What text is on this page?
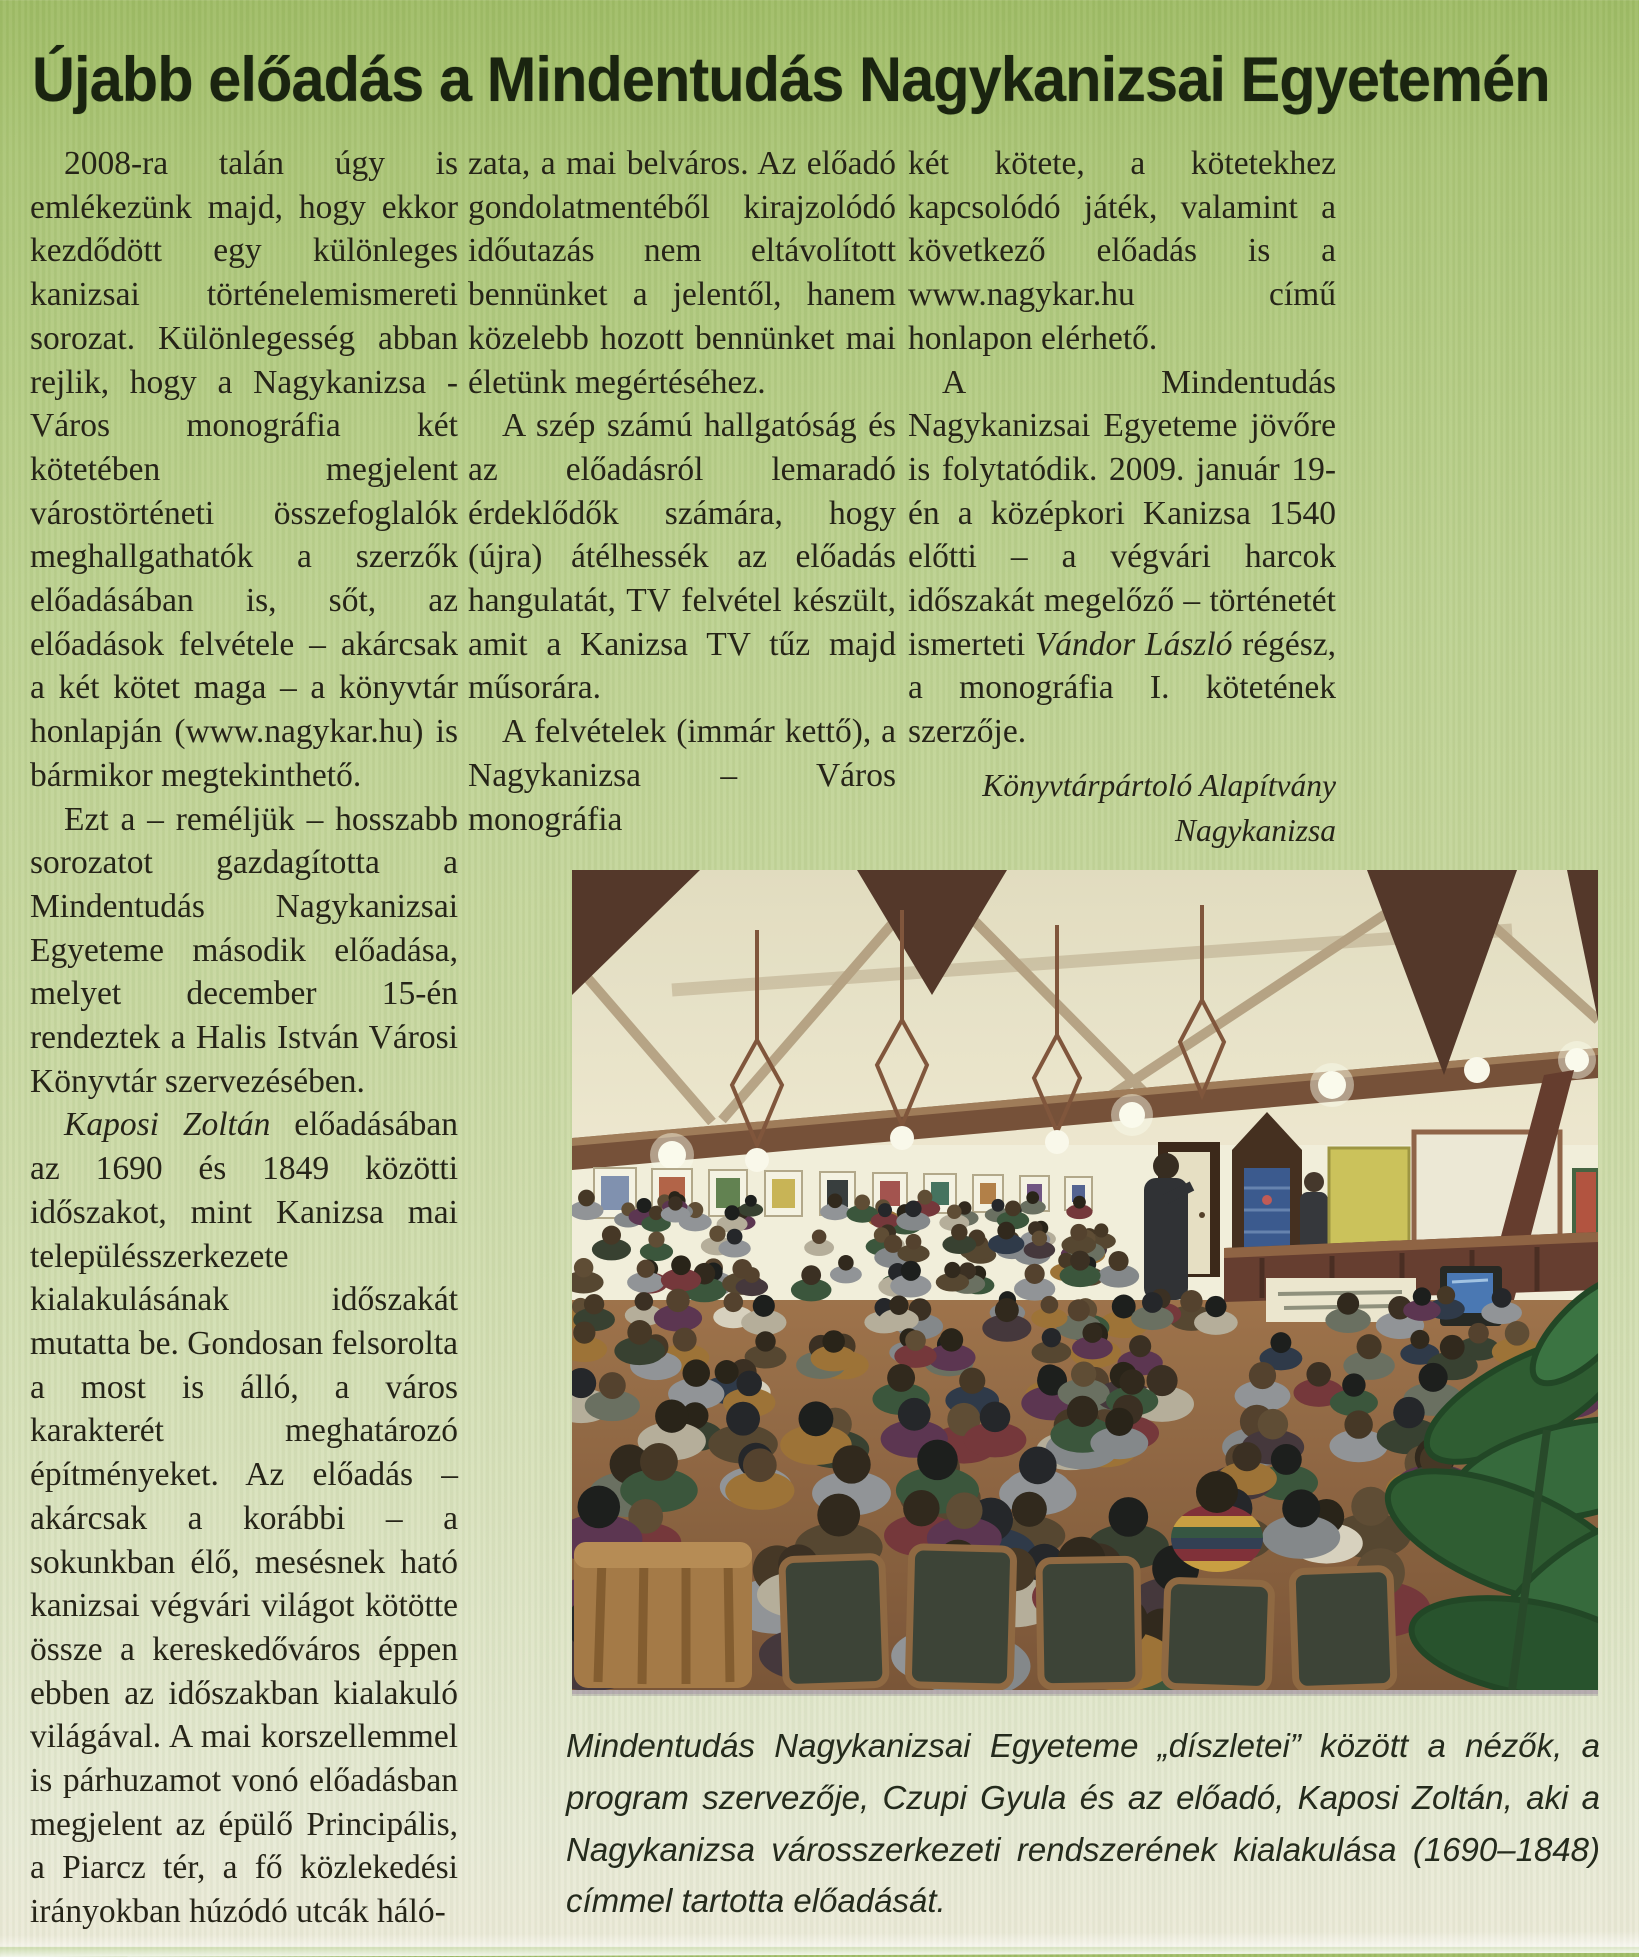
Újabb előadás a Mindentudás Nagykanizsai Egyetemén

2008-ra talán úgy is emlékezünk majd, hogy ekkor kezdődött egy különleges kanizsai történelemismereti sorozat. Különlegesség abban rejlik, hogy a Nagykanizsa - Város monográfia két kötetében megjelent várostörténeti összefoglalók meghallgathatók a szerzők előadásában is, sőt, az előadások felvétele – akárcsak a két kötet maga – a könyvtár honlapján (www.nagykar.hu) is bármikor megtekinthető.

Ezt a – reméljük – hosszabb sorozatot gazdagította a Mindentudás Nagykanizsai Egyeteme második előadása, melyet december 15-én rendeztek a Halis István Városi Könyvtár szervezésében.

Kaposi Zoltán előadásában az 1690 és 1849 közötti időszakot, mint Kanizsa mai településszerkezete kialakulásának időszakát mutatta be. Gondosan felsorolta a most is álló, a város karakterét meghatározó építményeket. Az előadás – akárcsak a korábbi – a sokunkban élő, mesésnek ható kanizsai végvári világot kötötte össze a kereskedőváros éppen ebben az időszakban kialakuló világával. A mai korszellemmel is párhuzamot vonó előadásban megjelent az épülő Principális, a Piarcz tér, a fő közlekedési irányokban húzódó utcák háló-

zata, a mai belváros. Az előadó gondolatmentéből kirajzolódó időutazás nem eltávolított bennünket a jelentől, hanem közelebb hozott bennünket mai életünk megértéséhez.

A szép számú hallgatóság és az előadásról lemaradó érdeklődők számára, hogy (újra) átélhessék az előadás hangulatát, TV felvétel készült, amit a Kanizsa TV tűz majd műsorára.

A felvételek (immár kettő), a Nagykanizsa – Város monográfia

két kötete, a kötetekhez kapcsolódó játék, valamint a következő előadás is a www.nagykar.hu című honlapon elérhető.

A Mindentudás Nagykanizsai Egyeteme jövőre is folytatódik. 2009. január 19-én a középkori Kanizsa 1540 előtti – a végvári harcok időszakát megelőző – történetét ismerteti Vándor László régész, a monográfia I. kötetének szerzője.

Könyvtárpártoló Alapítvány
Nagykanizsa
Mindentudás Nagykanizsai Egyeteme „díszletei” között a nézők, a program szervezője, Czupi Gyula és az előadó, Kaposi Zoltán, aki a Nagykanizsa városszerkezeti rendszerének kialakulása (1690–1848) címmel tartotta előadását.
